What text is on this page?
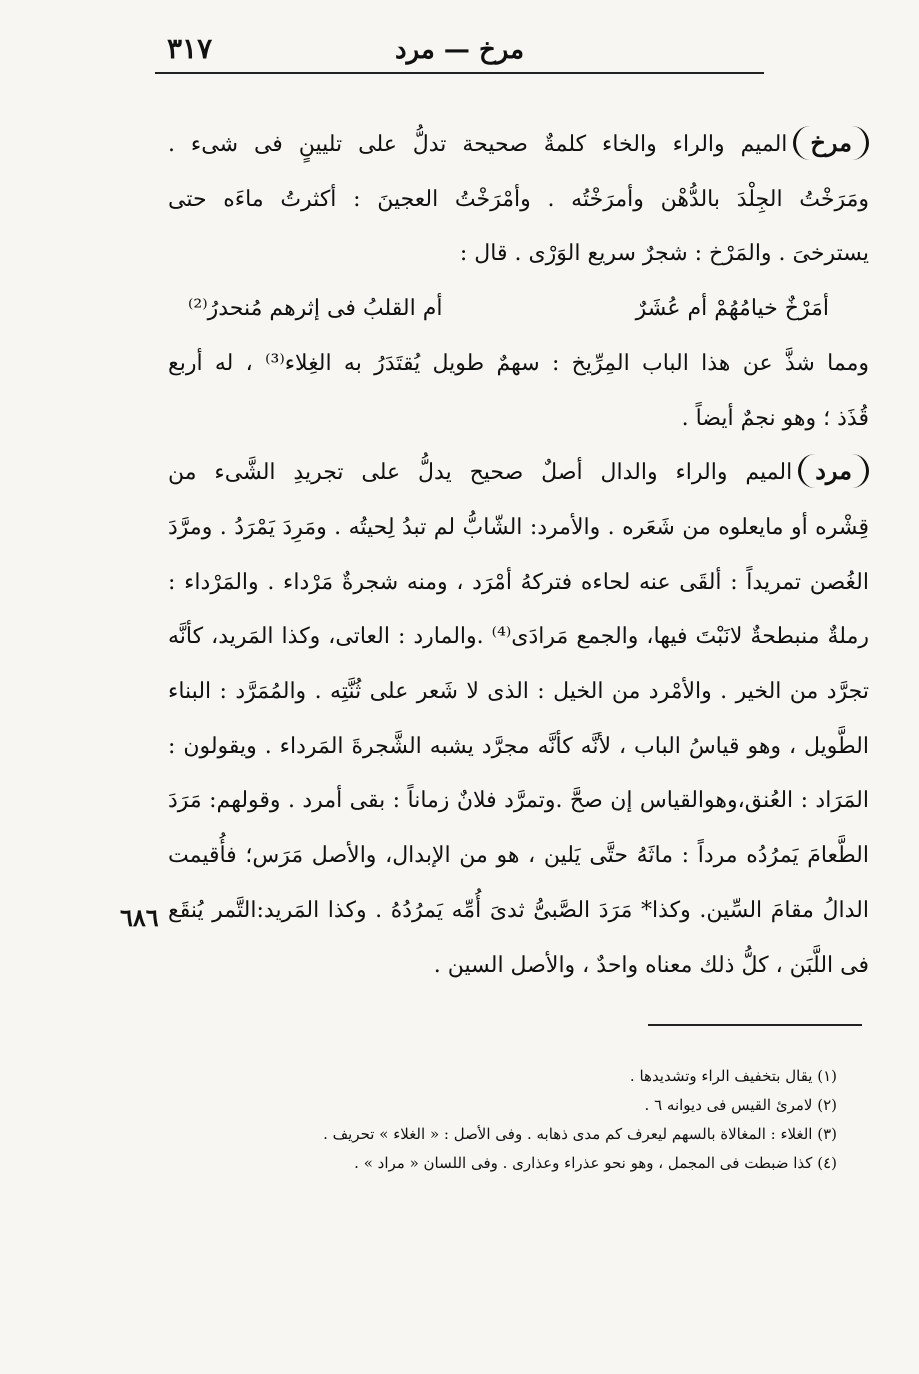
مرخ — مرد
٣١٧
مرخالميم والراء والخاء كلمةٌ صحيحة تدلُّ على تليينٍ فى شىء .
ومَرَخْتُ الجِلْدَ بالدُّهْن وأمرَخْتُه . وأمْرَخْتُ العجينَ : أكثرتُ ماءَه حتى
يسترخىَ . والمَرْخ : شجرٌ سريع الوَرْى . قال :
أمَرْخٌ خيامُهُمْ أم عُشَرٌ
أم القلبُ فى إثرهم مُنحدرُ⁽²⁾
ومما شذَّ عن هذا الباب المِرِّيخ : سهمٌ طويل يُقتَدَرُ به الغِلاء⁽³⁾ ، له أربع
قُذَذ ؛ وهو نجمٌ أيضاً .
مردالميم والراء والدال أصلٌ صحيح يدلُّ على تجريدِ الشَّىء من
قِشْره أو مايعلوه من شَعَره . والأمرد: الشّابُّ لم تبدُ لِحيتُه . ومَرِدَ يَمْرَدُ . ومرَّدَ
الغُصن تمريداً : ألقَى عنه لحاءه فتركهُ أمْرَد ، ومنه شجرةٌ مَرْداء . والمَرْداء :
رملةٌ منبطحةٌ لانَبْتَ فيها، والجمع مَرادَى⁽⁴⁾ .والمارد : العاتى، وكذا المَريد، كأنَّه
تجرَّد من الخير . والأمْرد من الخيل : الذى لا شَعر على ثُنَّتِه . والمُمَرَّد : البناء
الطَّويل ، وهو قياسُ الباب ، لأنَّه كأنَّه مجرَّد يشبه الشَّجرةَ المَرداء . ويقولون :
المَرَاد : العُنق،وهوالقياس إن صحَّ .وتمرَّد فلانٌ زماناً : بقى أمرد . وقولهم: مَرَدَ
الطَّعامَ يَمرُدُه مرداً : ماثَهُ حتَّى يَلين ، هو من الإبدال، والأصل مَرَس؛ فأُقيمت
الدالُ مقامَ السِّين. وكذا* مَرَدَ الصَّبىُّ ثدىَ أُمِّه يَمرُدُهُ . وكذا المَريد:التَّمر يُنقَع
فى اللَّبَن ، كلُّ ذلك معناه واحدٌ ، والأصل السين .
٦٨٦
(١) يقال بتخفيف الراء وتشديدها .
(٢) لامرئ القيس فى ديوانه ٦ .
(٣) الغلاء : المغالاة بالسهم ليعرف كم مدى ذهابه . وفى الأصل : « الغلاء » تحريف .
(٤) كذا ضبطت فى المجمل ، وهو نحو عذراء وعذارى . وفى اللسان « مراد » .
